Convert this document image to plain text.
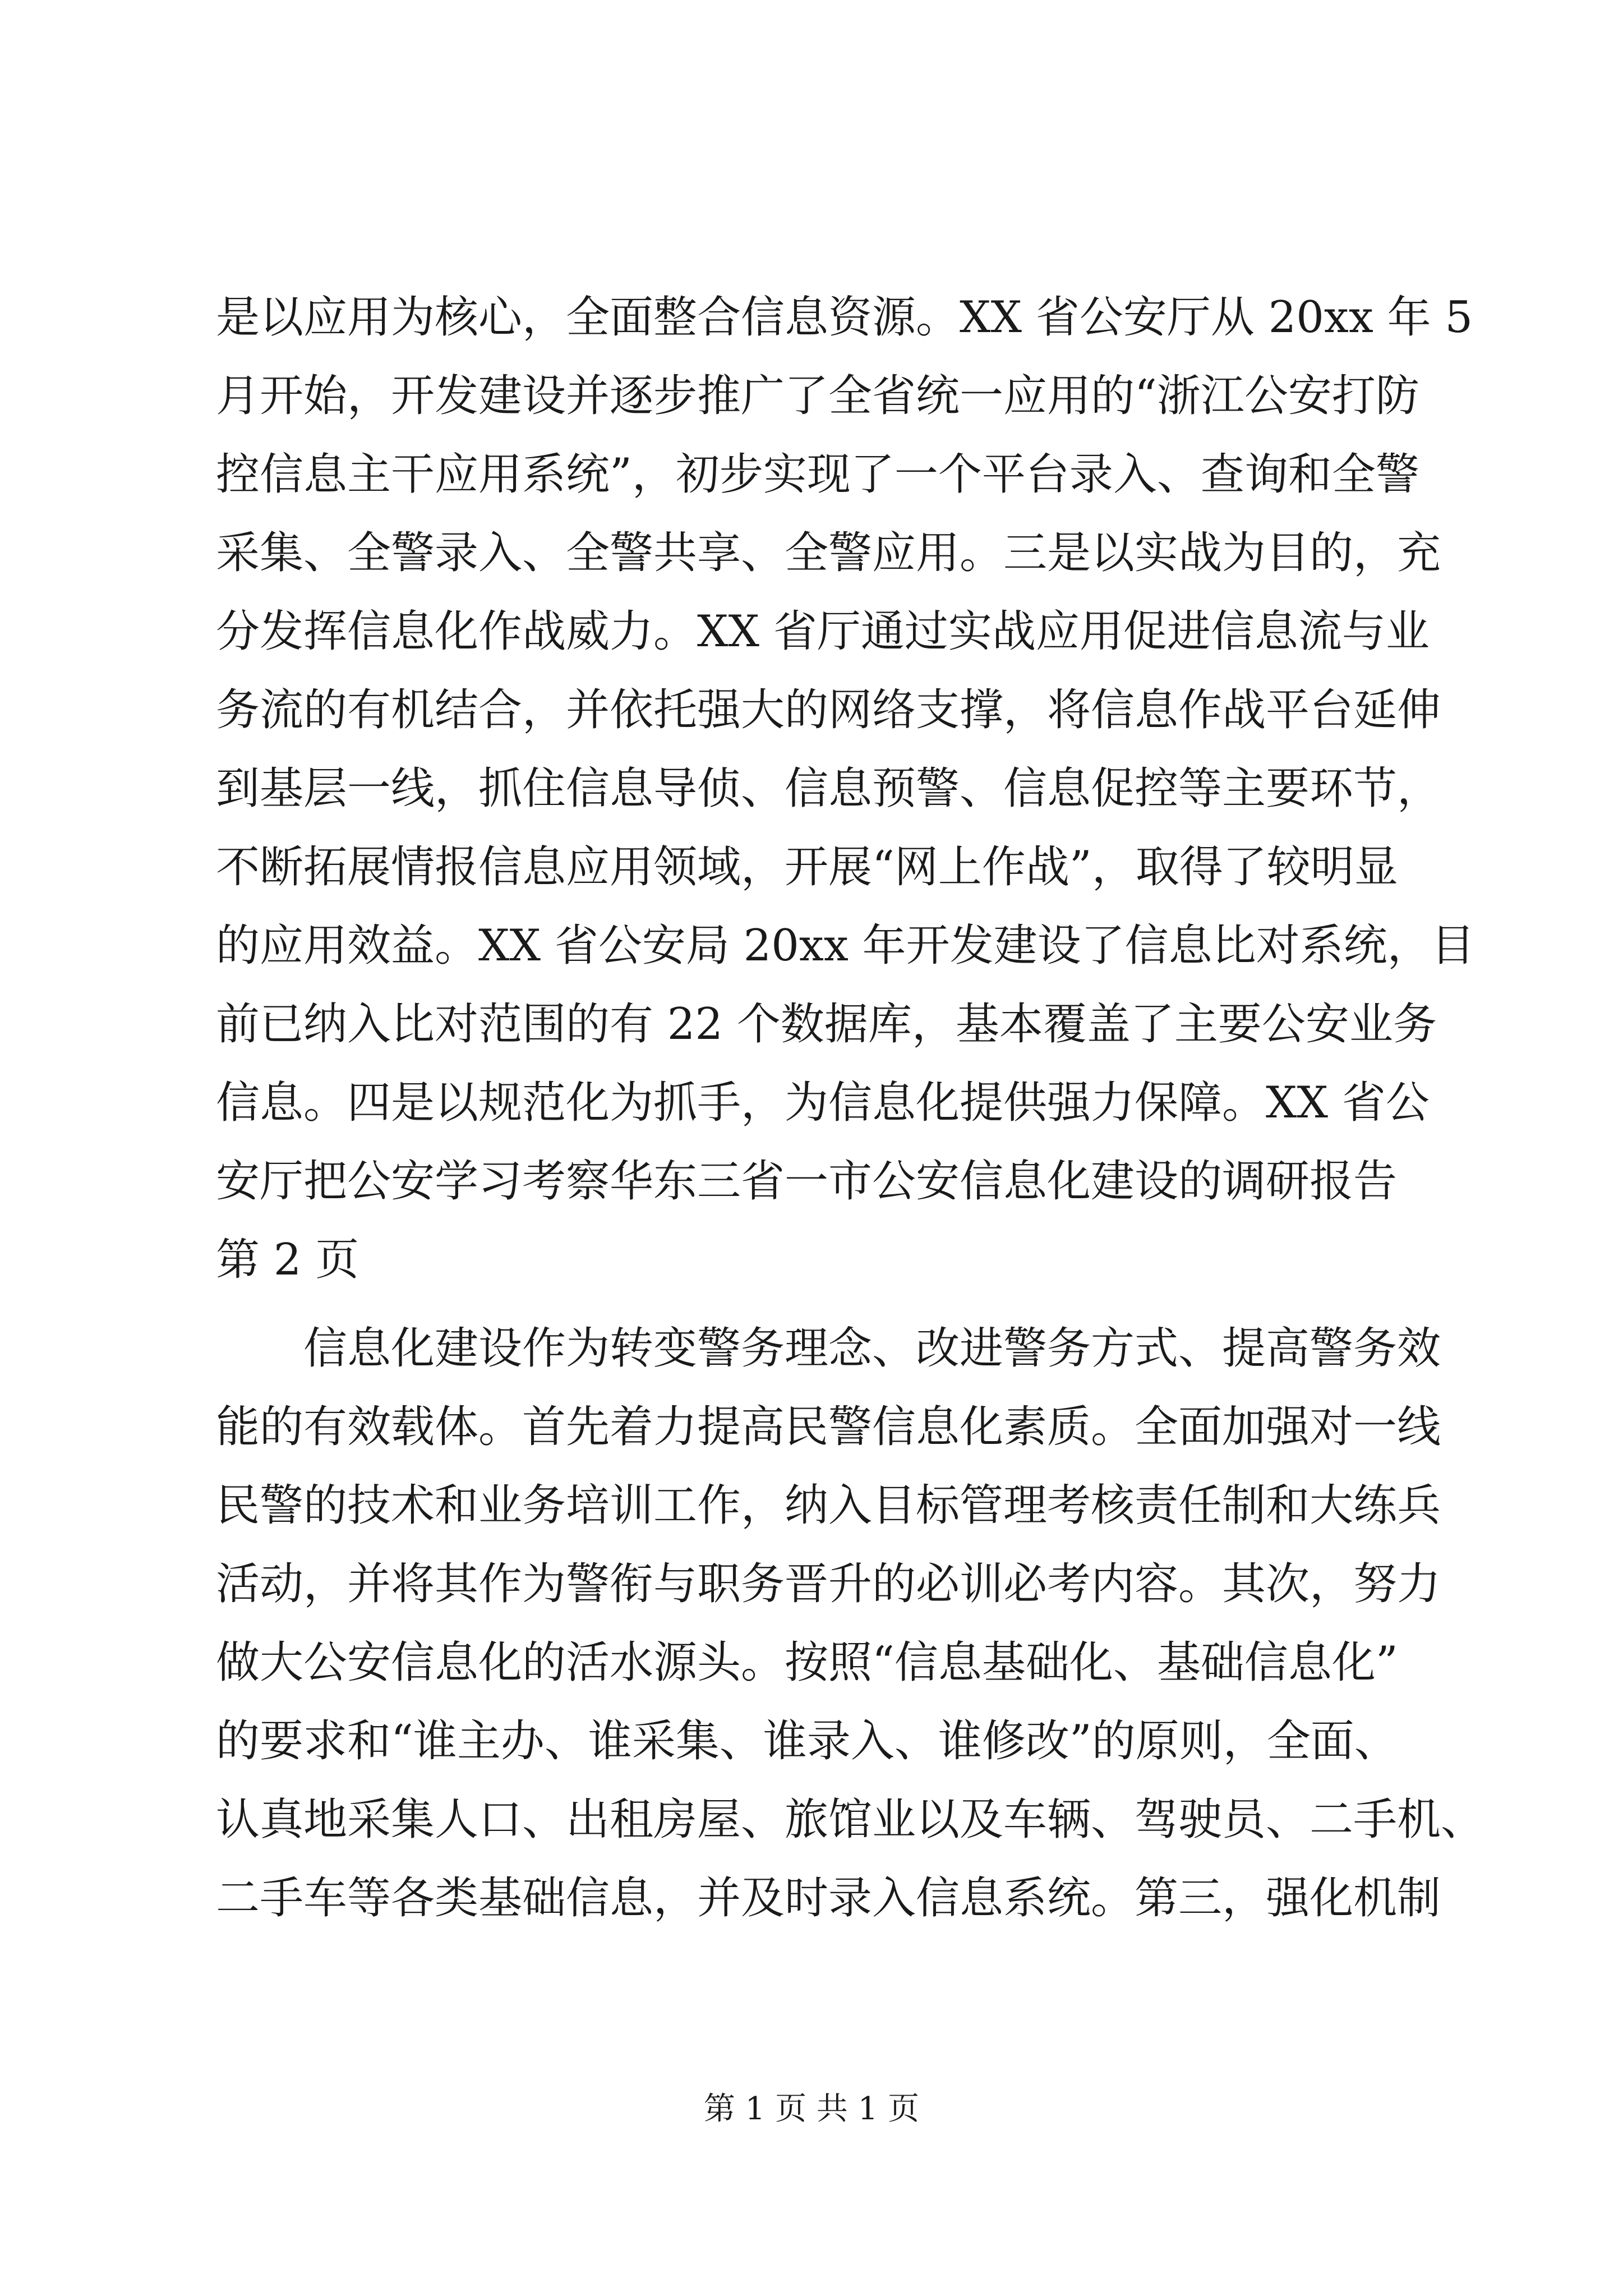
是以应用为核心，全面整合信息资源。XX 省公安厅从 20xx 年 5
月开始，开发建设并逐步推广了全省统一应用的“浙江公安打防
控信息主干应用系统”，初步实现了一个平台录入、查询和全警
采集、全警录入、全警共享、全警应用。三是以实战为目的，充
分发挥信息化作战威力。XX 省厅通过实战应用促进信息流与业
务流的有机结合，并依托强大的网络支撑，将信息作战平台延伸
到基层一线，抓住信息导侦、信息预警、信息促控等主要环节，
不断拓展情报信息应用领域，开展“网上作战”，取得了较明显
的应用效益。XX 省公安局 20xx 年开发建设了信息比对系统，目
前已纳入比对范围的有 22 个数据库，基本覆盖了主要公安业务
信息。四是以规范化为抓手，为信息化提供强力保障。XX 省公
安厅把公安学习考察华东三省一市公安信息化建设的调研报告
第 2 页
　　信息化建设作为转变警务理念、改进警务方式、提高警务效
能的有效载体。首先着力提高民警信息化素质。全面加强对一线
民警的技术和业务培训工作，纳入目标管理考核责任制和大练兵
活动，并将其作为警衔与职务晋升的必训必考内容。其次，努力
做大公安信息化的活水源头。按照“信息基础化、基础信息化”
的要求和“谁主办、谁采集、谁录入、谁修改”的原则，全面、
认真地采集人口、出租房屋、旅馆业以及车辆、驾驶员、二手机、
二手车等各类基础信息，并及时录入信息系统。第三，强化机制
第 1 页 共 1 页
